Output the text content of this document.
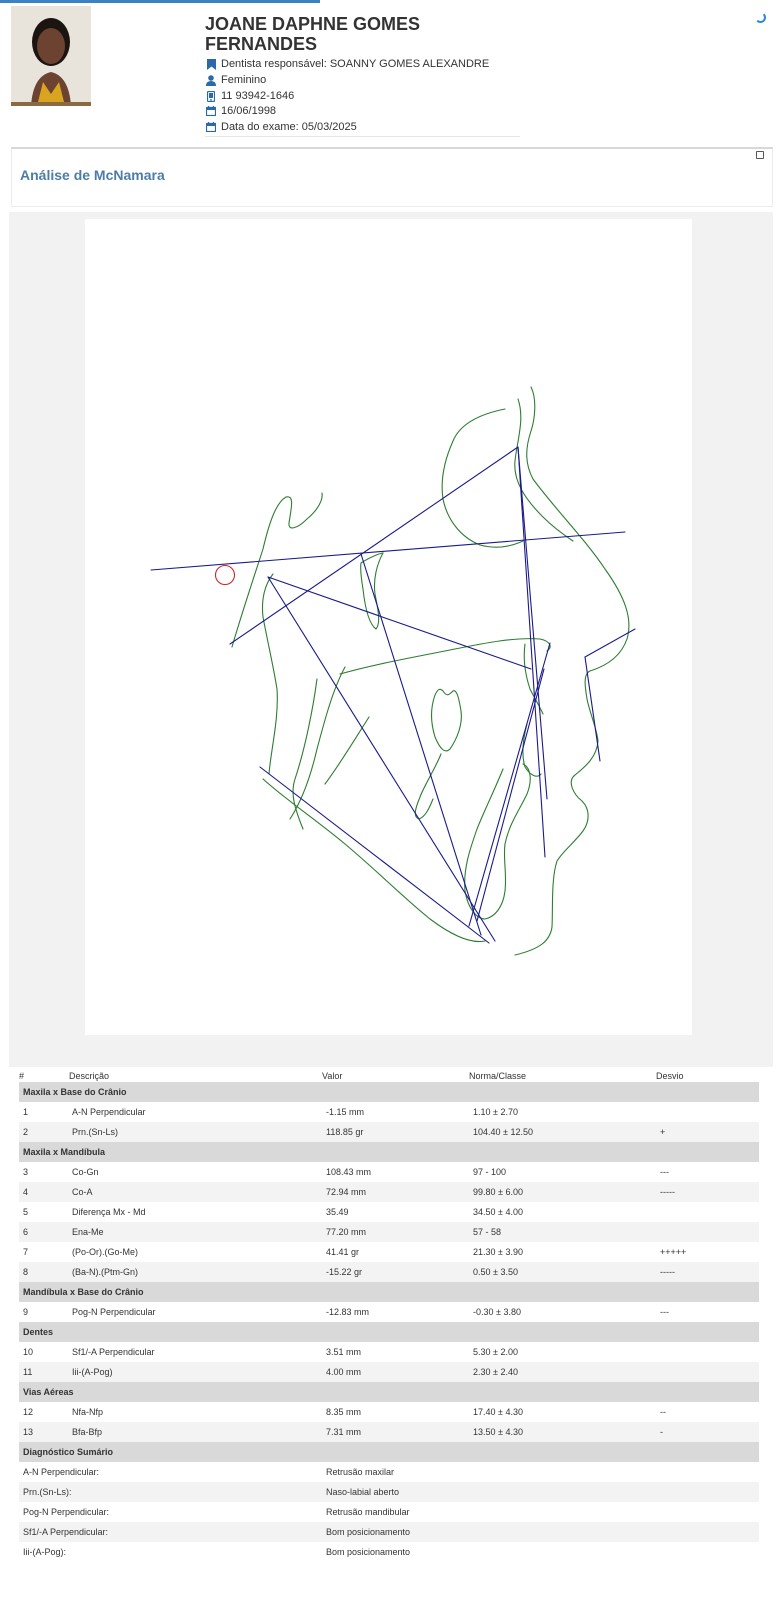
JOANE DAPHNE GOMES FERNANDES
Dentista responsável:
SOANNY GOMES ALEXANDRE
Feminino
11 93942-1646
16/06/1998
Data do exame:
05/03/2025
Análise de McNamara
#	Descrição	Valor	Norma/Classe	Desvio
Maxila x Base do Crânio
1	A-N Perpendicular	-1.15 mm	1.10 ± 2.70
2	Prn.(Sn-Ls)	118.85 gr	104.40 ± 12.50	+
Maxila x Mandíbula
3	Co-Gn	108.43 mm	97 - 100	---
4	Co-A	72.94 mm	99.80 ± 6.00	-----
5	Diferença Mx - Md	35.49	34.50 ± 4.00
6	Ena-Me	77.20 mm	57 - 58
7	(Po-Or).(Go-Me)	41.41 gr	21.30 ± 3.90	+++++
8	(Ba-N).(Ptm-Gn)	-15.22 gr	0.50 ± 3.50	-----
Mandíbula x Base do Crânio
9	Pog-N Perpendicular	-12.83 mm	-0.30 ± 3.80	---
Dentes
10	Sf1/-A Perpendicular	3.51 mm	5.30 ± 2.00
11	Iii-(A-Pog)	4.00 mm	2.30 ± 2.40
Vias Aéreas
12	Nfa-Nfp	8.35 mm	17.40 ± 4.30	--
13	Bfa-Bfp	7.31 mm	13.50 ± 4.30	-
Diagnóstico Sumário
A-N Perpendicular:	Retrusão maxilar
Prn.(Sn-Ls):	Naso-labial aberto
Pog-N Perpendicular:	Retrusão mandibular
Sf1/-A Perpendicular:	Bom posicionamento
Iii-(A-Pog):	Bom posicionamento
